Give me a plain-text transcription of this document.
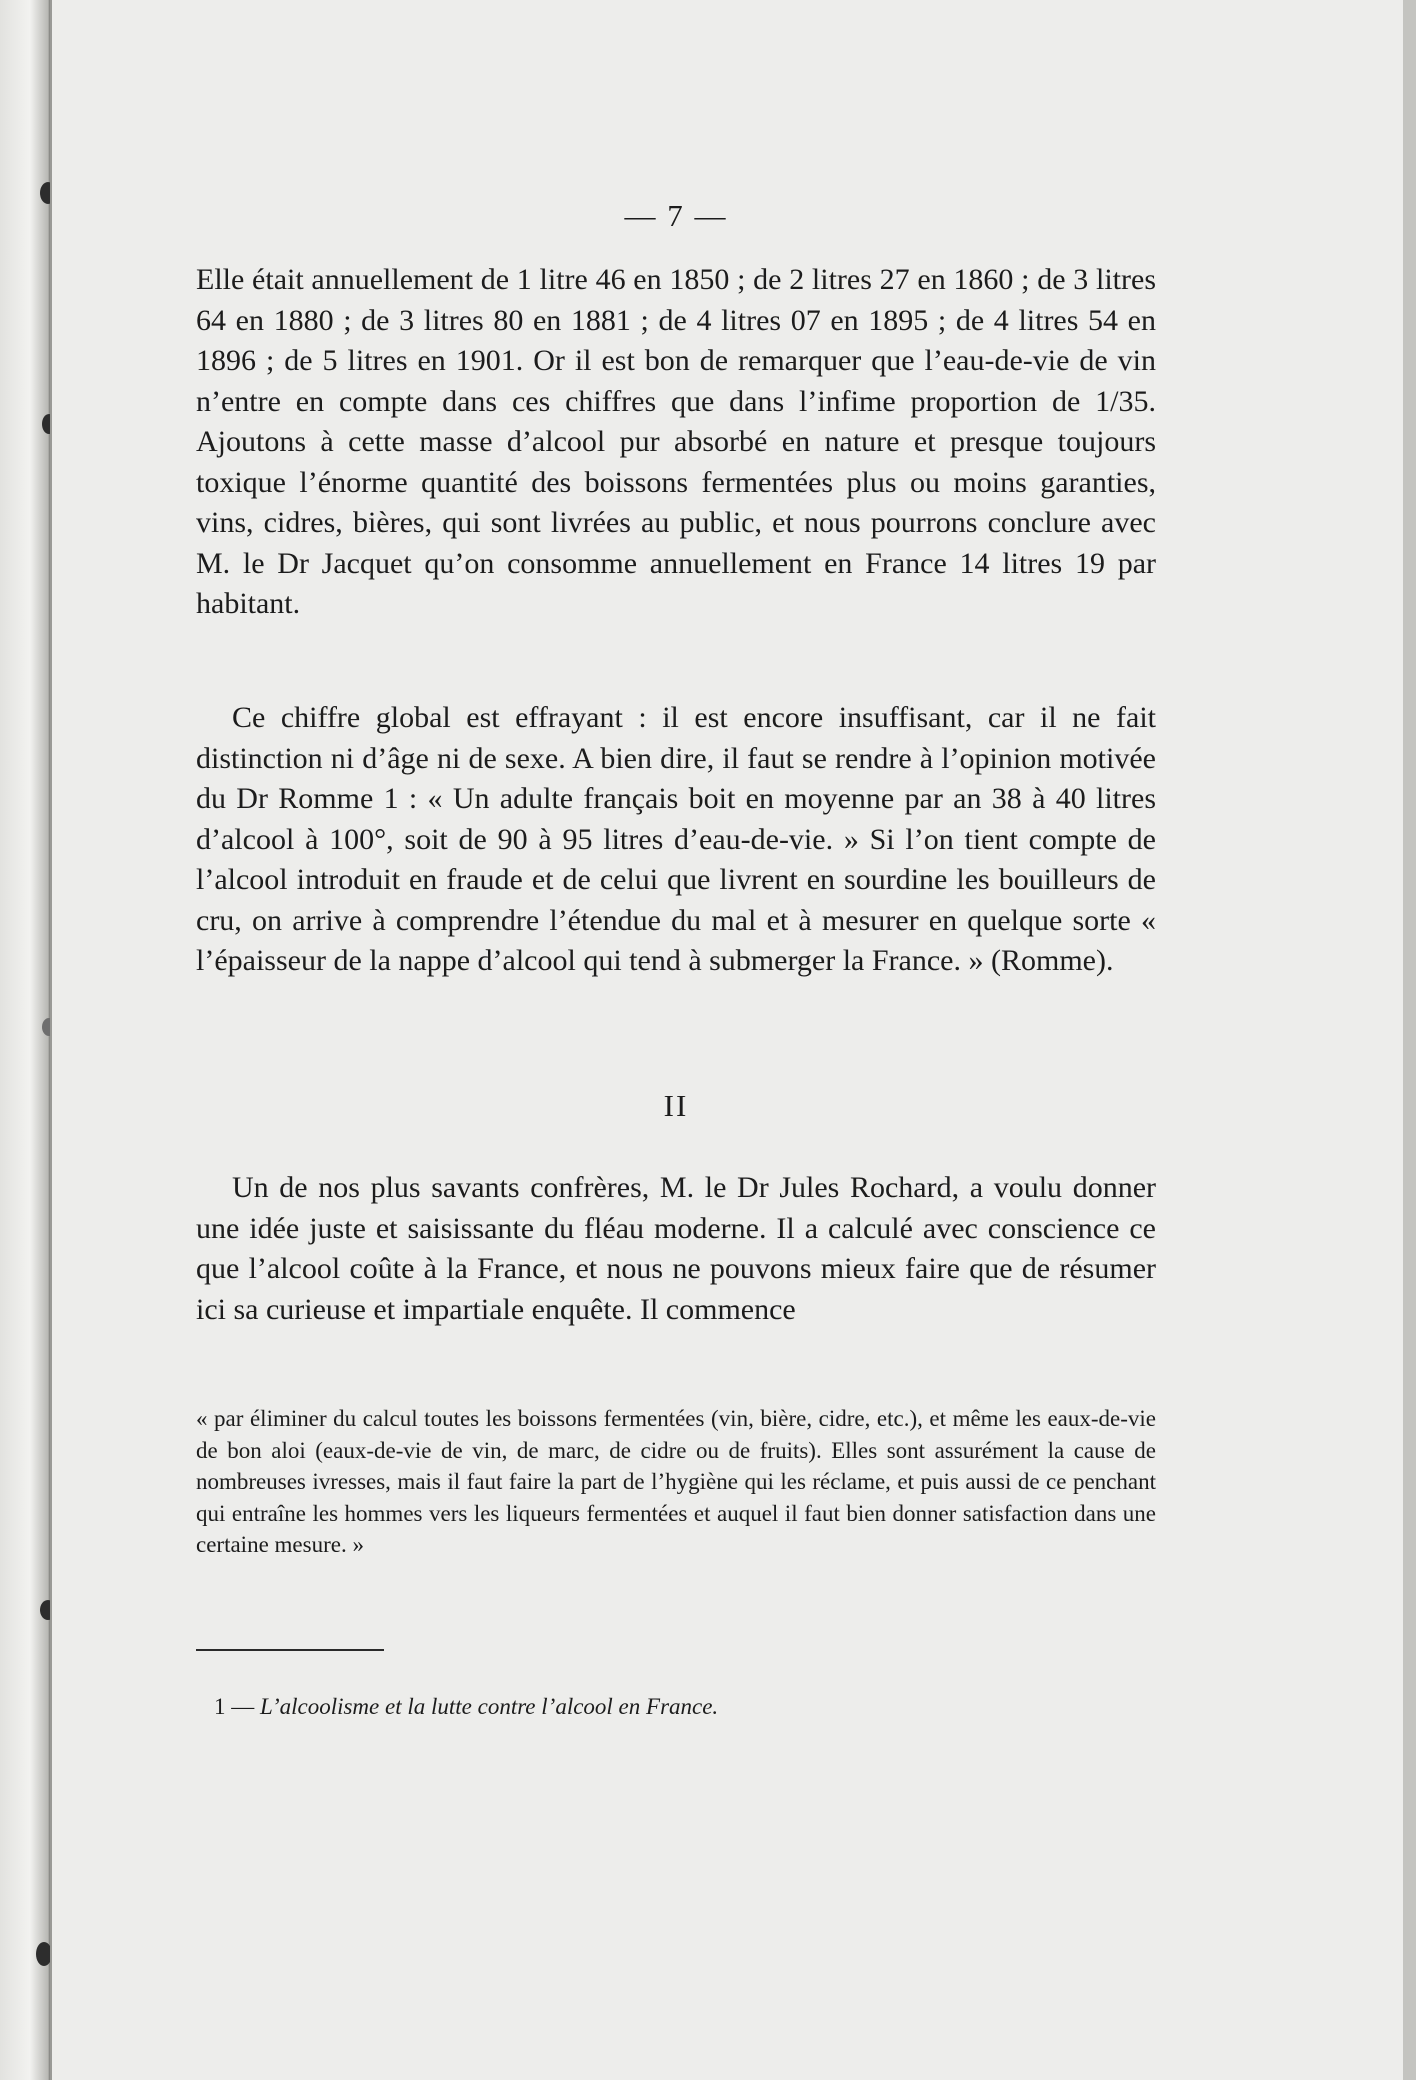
— 7 —

Elle était annuellement de 1 litre 46 en 1850 ; de 2 litres 27 en 1860 ; de 3 litres 64 en 1880 ; de 3 litres 80 en 1881 ; de 4 litres 07 en 1895 ; de 4 litres 54 en 1896 ; de 5 litres en 1901. Or il est bon de remarquer que l’eau-de-vie de vin n’entre en compte dans ces chiffres que dans l’infime proportion de 1/35. Ajoutons à cette masse d’alcool pur absorbé en nature et presque toujours toxique l’énorme quantité des boissons fermentées plus ou moins garanties, vins, cidres, bières, qui sont livrées au public, et nous pourrons conclure avec M. le Dr Jacquet qu’on consomme annuellement en France 14 litres 19 par habitant.

Ce chiffre global est effrayant : il est encore insuffisant, car il ne fait distinction ni d’âge ni de sexe. A bien dire, il faut se rendre à l’opinion motivée du Dr Romme 1 : « Un adulte français boit en moyenne par an 38 à 40 litres d’alcool à 100°, soit de 90 à 95 litres d’eau-de-vie. » Si l’on tient compte de l’alcool introduit en fraude et de celui que livrent en sourdine les bouilleurs de cru, on arrive à comprendre l’étendue du mal et à mesurer en quelque sorte « l’épaisseur de la nappe d’alcool qui tend à submerger la France. » (Romme).

II

Un de nos plus savants confrères, M. le Dr Jules Rochard, a voulu donner une idée juste et saisissante du fléau moderne. Il a calculé avec conscience ce que l’alcool coûte à la France, et nous ne pouvons mieux faire que de résumer ici sa curieuse et impartiale enquête. Il commence

« par éliminer du calcul toutes les boissons fermentées (vin, bière, cidre, etc.), et même les eaux-de-vie de bon aloi (eaux-de-vie de vin, de marc, de cidre ou de fruits). Elles sont assurément la cause de nombreuses ivresses, mais il faut faire la part de l’hygiène qui les réclame, et puis aussi de ce penchant qui entraîne les hommes vers les liqueurs fermentées et auquel il faut bien donner satisfaction dans une certaine mesure. »

1 — L’alcoolisme et la lutte contre l’alcool en France.
